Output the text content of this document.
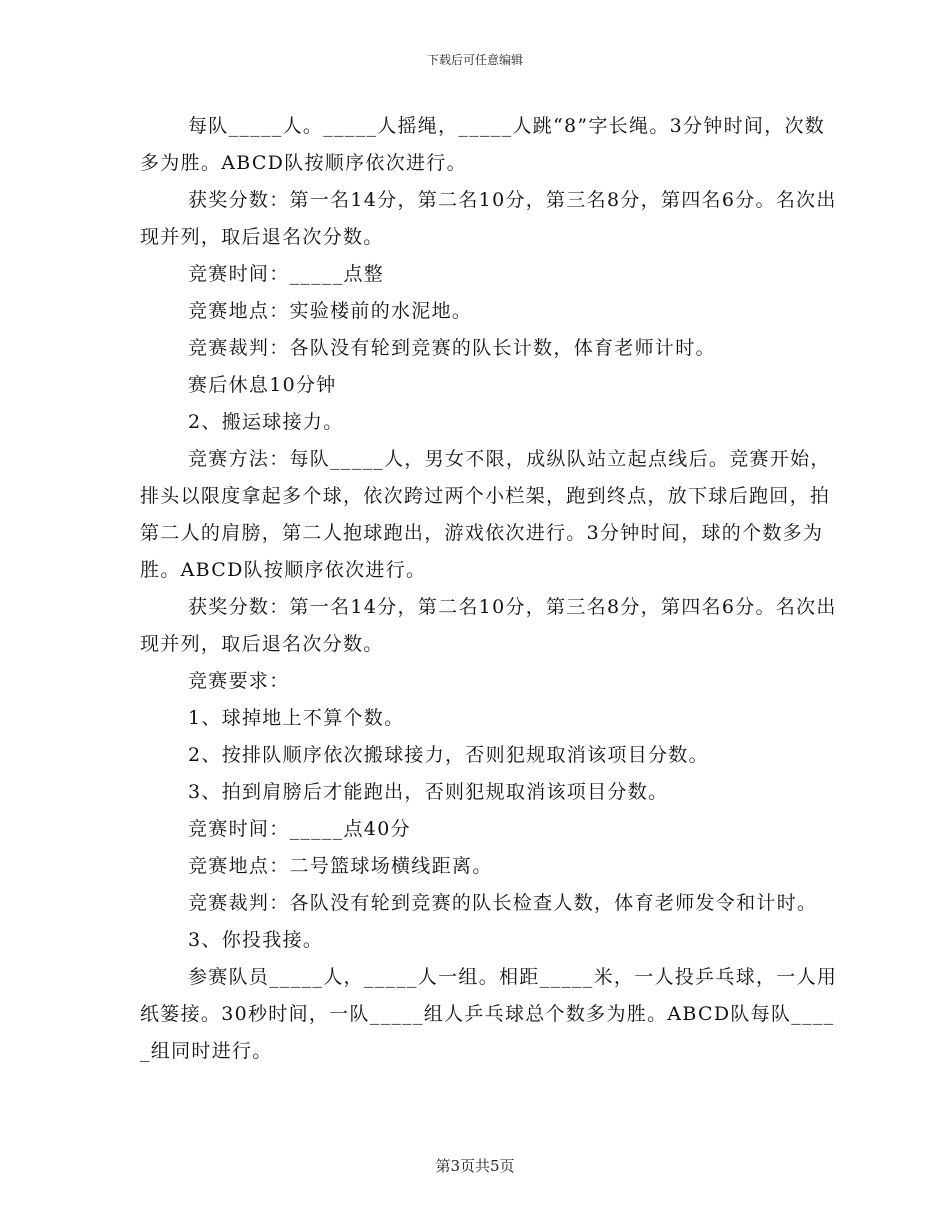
下载后可任意编辑

每队_____人。_____人摇绳，_____人跳“8”字长绳。3分钟时间，次数多为胜。ABCD队按顺序依次进行。

获奖分数：第一名14分，第二名10分，第三名8分，第四名6分。名次出现并列，取后退名次分数。

竞赛时间：_____点整

竞赛地点：实验楼前的水泥地。

竞赛裁判：各队没有轮到竞赛的队长计数，体育老师计时。

赛后休息10分钟

2、搬运球接力。

竞赛方法：每队_____人，男女不限，成纵队站立起点线后。竞赛开始，排头以限度拿起多个球，依次跨过两个小栏架，跑到终点，放下球后跑回，拍第二人的肩膀，第二人抱球跑出，游戏依次进行。3分钟时间，球的个数多为胜。ABCD队按顺序依次进行。

获奖分数：第一名14分，第二名10分，第三名8分，第四名6分。名次出现并列，取后退名次分数。

竞赛要求：

1、球掉地上不算个数。

2、按排队顺序依次搬球接力，否则犯规取消该项目分数。

3、拍到肩膀后才能跑出，否则犯规取消该项目分数。

竞赛时间：_____点40分

竞赛地点：二号篮球场横线距离。

竞赛裁判：各队没有轮到竞赛的队长检查人数，体育老师发令和计时。

3、你投我接。

参赛队员_____人，_____人一组。相距_____米，一人投乒乓球，一人用纸篓接。30秒时间，一队_____组人乒乓球总个数多为胜。ABCD队每队_____组同时进行。

第3页共5页
